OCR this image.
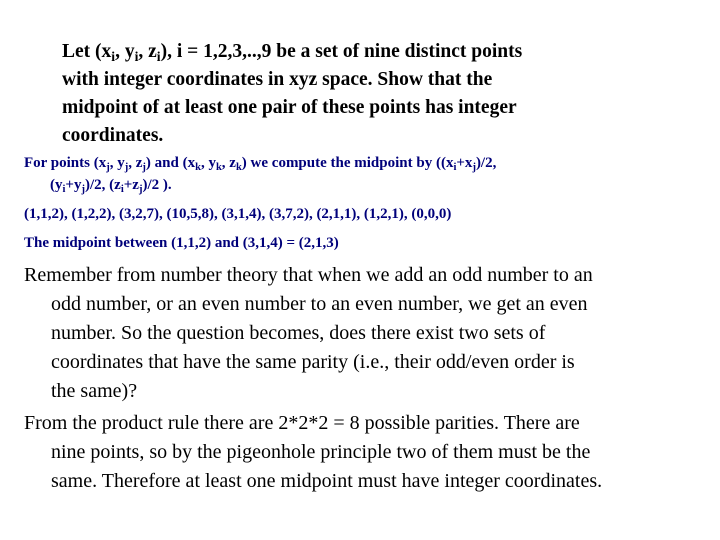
Let ($x_i$, $y_i$, $z_i$), i = 1,2,3,..,9 be a set of nine distinct points
with integer coordinates in xyz space. Show that the
midpoint of at least one pair of these points has integer
coordinates.
For points ($x_j$, $y_j$, $z_j$) and ($x_k$, $y_k$, $z_k$) we compute the midpoint by ($(x_i+x_j)/2$,
$(y_i+y_j)/2$, $(z_i+z_j)/2$ ).
(1,1,2), (1,2,2), (3,2,7), (10,5,8), (3,1,4), (3,7,2), (2,1,1), (1,2,1), (0,0,0)
The midpoint between (1,1,2) and (3,1,4) = (2,1,3)
Remember from number theory that when we add an odd number to an
odd number, or an even number to an even number, we get an even
number. So the question becomes, does there exist two sets of
coordinates that have the same parity (i.e., their odd/even order is
the same)?
From the product rule there are 2*2*2 = 8 possible parities. There are
nine points, so by the pigeonhole principle two of them must be the
same. Therefore at least one midpoint must have integer coordinates.
